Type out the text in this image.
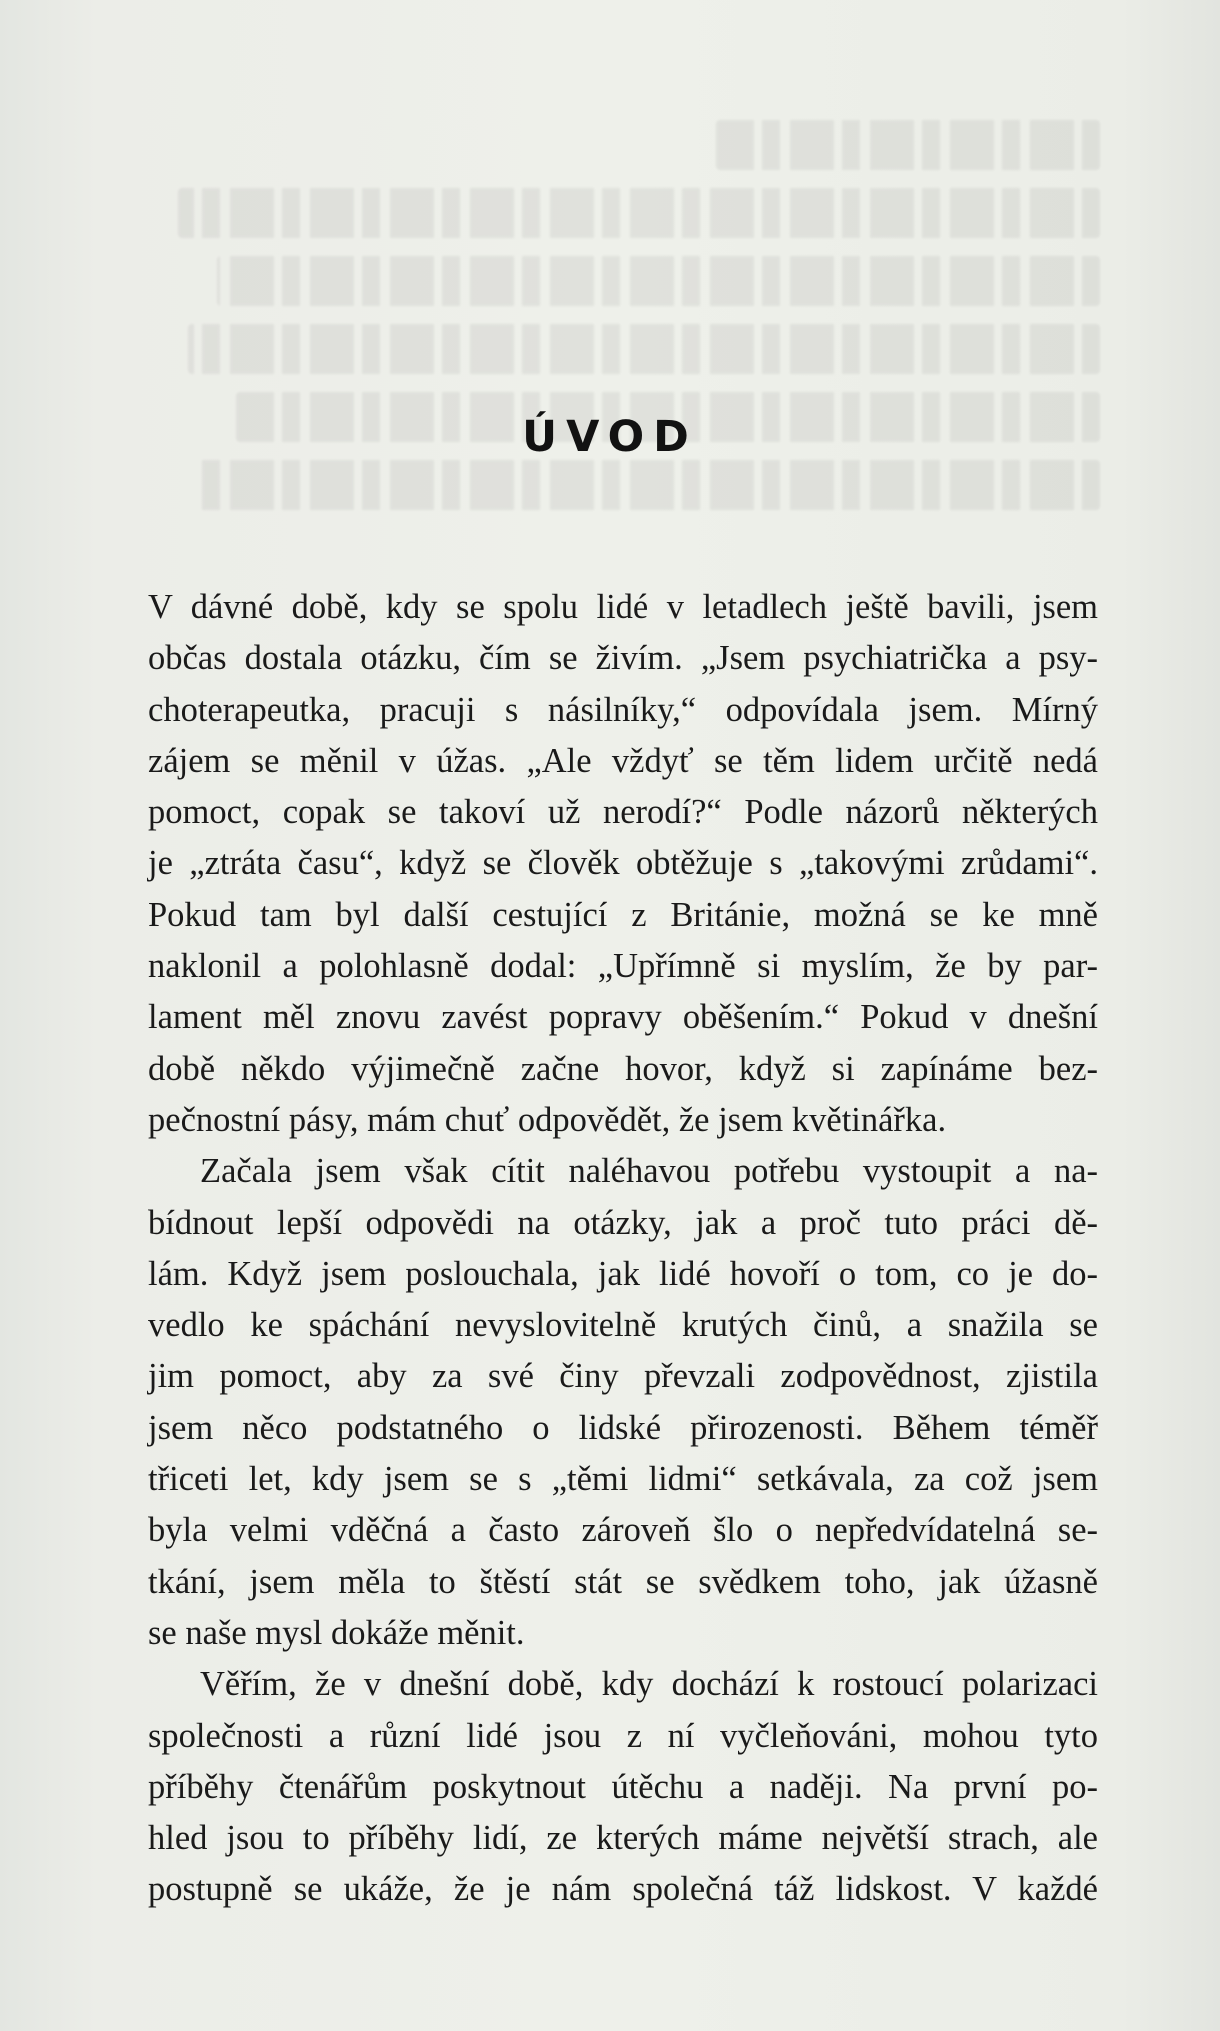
ÚVOD
V dávné době, kdy se spolu lidé v letadlech ještě bavili, jsem
občas dostala otázku, čím se živím. „Jsem psychiatrička a psy-
choterapeutka, pracuji s násilníky,“ odpovídala jsem. Mírný
zájem se měnil v úžas. „Ale vždyť se těm lidem určitě nedá
pomoct, copak se takoví už nerodí?“ Podle názorů některých
je „ztráta času“, když se člověk obtěžuje s „takovými zrůdami“.
Pokud tam byl další cestující z Británie, možná se ke mně
naklonil a polohlasně dodal: „Upřímně si myslím, že by par-
lament měl znovu zavést popravy oběšením.“ Pokud v dnešní
době někdo výjimečně začne hovor, když si zapínáme bez-
pečnostní pásy, mám chuť odpovědět, že jsem květinářka.
Začala jsem však cítit naléhavou potřebu vystoupit a na-
bídnout lepší odpovědi na otázky, jak a proč tuto práci dě-
lám. Když jsem poslouchala, jak lidé hovoří o tom, co je do-
vedlo ke spáchání nevyslovitelně krutých činů, a snažila se
jim pomoct, aby za své činy převzali zodpovědnost, zjistila
jsem něco podstatného o lidské přirozenosti. Během téměř
třiceti let, kdy jsem se s „těmi lidmi“ setkávala, za což jsem
byla velmi vděčná a často zároveň šlo o nepředvídatelná se-
tkání, jsem měla to štěstí stát se svědkem toho, jak úžasně
se naše mysl dokáže měnit.
Věřím, že v dnešní době, kdy dochází k rostoucí polarizaci
společnosti a různí lidé jsou z ní vyčleňováni, mohou tyto
příběhy čtenářům poskytnout útěchu a naději. Na první po-
hled jsou to příběhy lidí, ze kterých máme největší strach, ale
postupně se ukáže, že je nám společná táž lidskost. V každé
